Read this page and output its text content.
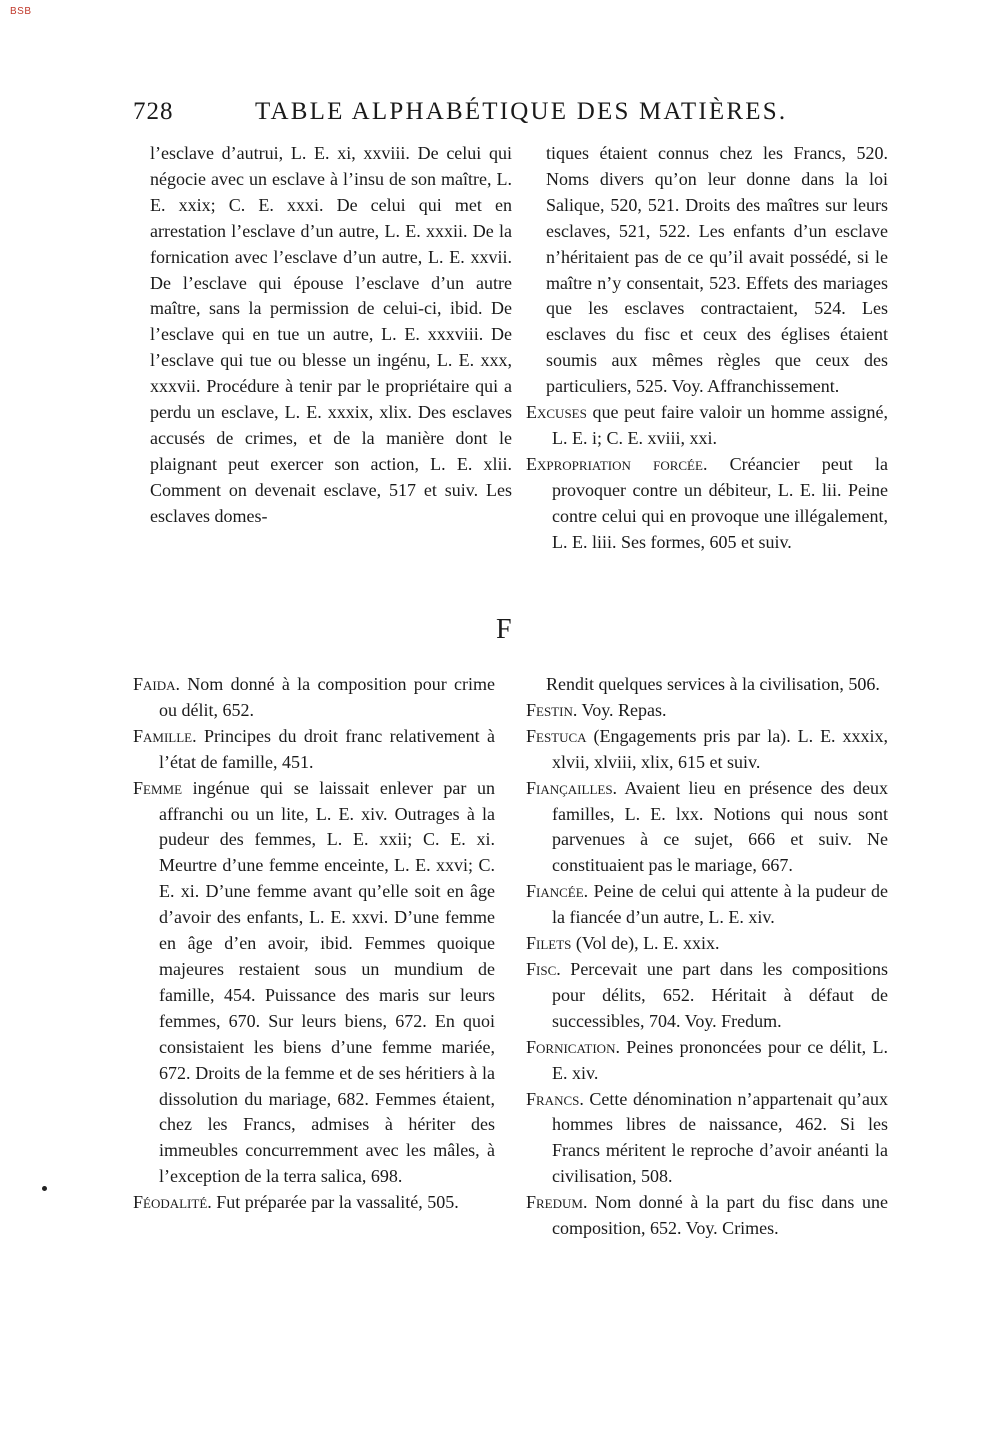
BSB
728	TABLE ALPHABÉTIQUE DES MATIÈRES.

l’esclave d’autrui, L. E. xi, xxviii. De celui qui négocie avec un esclave à l’insu de son maître, L. E. xxix; C. E. xxxi. De celui qui met en arrestation l’esclave d’un autre, L. E. xxxii. De la fornication avec l’esclave d’un autre, L. E. xxvii. De l’esclave qui épouse l’esclave d’un autre maître, sans la permission de celui-ci, ibid. De l’esclave qui en tue un autre, L. E. xxxviii. De l’esclave qui tue ou blesse un ingénu, L. E. xxx, xxxvii. Procédure à tenir par le propriétaire qui a perdu un esclave, L. E. xxxix, xlix. Des esclaves accusés de crimes, et de la manière dont le plaignant peut exercer son action, L. E. xlii. Comment on devenait esclave, 517 et suiv. Les esclaves domes-

tiques étaient connus chez les Francs, 520. Noms divers qu’on leur donne dans la loi Salique, 520, 521. Droits des maîtres sur leurs esclaves, 521, 522. Les enfants d’un esclave n’héritaient pas de ce qu’il avait possédé, si le maître n’y consentait, 523. Effets des mariages que les esclaves contractaient, 524. Les esclaves du fisc et ceux des églises étaient soumis aux mêmes règles que ceux des particuliers, 525. Voy. Affranchissement.

Excuses que peut faire valoir un homme assigné, L. E. i; C. E. xviii, xxi.

Expropriation forcée. Créancier peut la provoquer contre un débiteur, L. E. lii. Peine contre celui qui en provoque une illégalement, L. E. liii. Ses formes, 605 et suiv.

F

Faida. Nom donné à la composition pour crime ou délit, 652.

Famille. Principes du droit franc relativement à l’état de famille, 451.

Femme ingénue qui se laissait enlever par un affranchi ou un lite, L. E. xiv. Outrages à la pudeur des femmes, L. E. xxii; C. E. xi. Meurtre d’une femme enceinte, L. E. xxvi; C. E. xi. D’une femme avant qu’elle soit en âge d’avoir des enfants, L. E. xxvi. D’une femme en âge d’en avoir, ibid. Femmes quoique majeures restaient sous un mundium de famille, 454. Puissance des maris sur leurs femmes, 670. Sur leurs biens, 672. En quoi consistaient les biens d’une femme mariée, 672. Droits de la femme et de ses héritiers à la dissolution du mariage, 682. Femmes étaient, chez les Francs, admises à hériter des immeubles concurremment avec les mâles, à l’exception de la terra salica, 698.

Féodalité. Fut préparée par la vassalité, 505.

Rendit quelques services à la civilisation, 506.

Festin. Voy. Repas.

Festuca (Engagements pris par la). L. E. xxxix, xlvii, xlviii, xlix, 615 et suiv.

Fiançailles. Avaient lieu en présence des deux familles, L. E. lxx. Notions qui nous sont parvenues à ce sujet, 666 et suiv. Ne constituaient pas le mariage, 667.

Fiancée. Peine de celui qui attente à la pudeur de la fiancée d’un autre, L. E. xiv.

Filets (Vol de), L. E. xxix.

Fisc. Percevait une part dans les compositions pour délits, 652. Héritait à défaut de successibles, 704. Voy. Fredum.

Fornication. Peines prononcées pour ce délit, L. E. xiv.

Francs. Cette dénomination n’appartenait qu’aux hommes libres de naissance, 462. Si les Francs méritent le reproche d’avoir anéanti la civilisation, 508.

Fredum. Nom donné à la part du fisc dans une composition, 652. Voy. Crimes.
